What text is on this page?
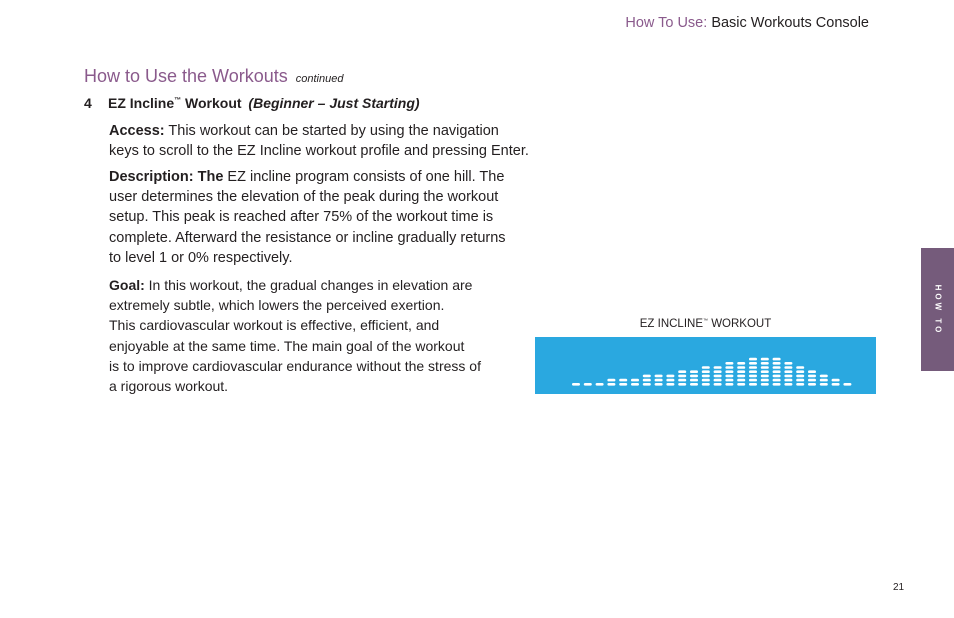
How To Use: Basic Workouts Console
How to Use the Workouts continued
4 EZ Incline™ Workout (Beginner – Just Starting)
Access: This workout can be started by using the navigation
keys to scroll to the EZ Incline workout profile and pressing Enter.
Description: The EZ incline program consists of one hill. The
user determines the elevation of the peak during the workout
setup. This peak is reached after 75% of the workout time is
complete. Afterward the resistance or incline gradually returns
to level 1 or 0% respectively.
Goal: In this workout, the gradual changes in elevation are
extremely subtle, which lowers the perceived exertion.
This cardiovascular workout is effective, efficient, and
enjoyable at the same time. The main goal of the workout
is to improve cardiovascular endurance without the stress of
a rigorous workout.
HOW TO
EZ INCLINE™ WORKOUT
21
